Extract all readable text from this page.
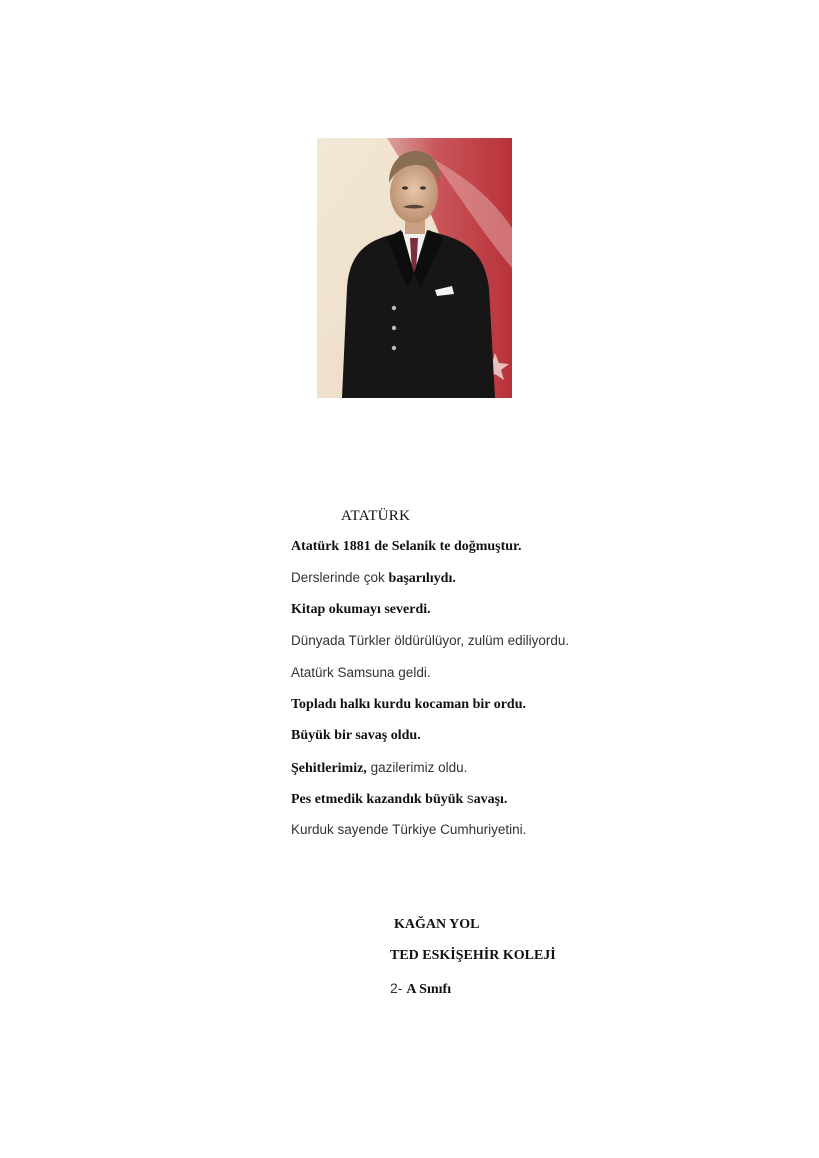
ATATÜRK
Atatürk 1881 de Selanik te doğmuştur.
Derslerinde çok başarılıydı.
Kitap okumayı severdi.
Dünyada Türkler öldürülüyor, zulüm ediliyordu.
Atatürk Samsuna geldi.
Topladı halkı kurdu kocaman bir ordu.
Büyük bir savaş oldu.
Şehitlerimiz, gazilerimiz oldu.
Pes etmedik kazandık büyük savaşı.
Kurduk sayende Türkiye Cumhuriyetini.
KAĞAN YOL
TED ESKİŞEHİR KOLEJİ
2- A Sınıfı
